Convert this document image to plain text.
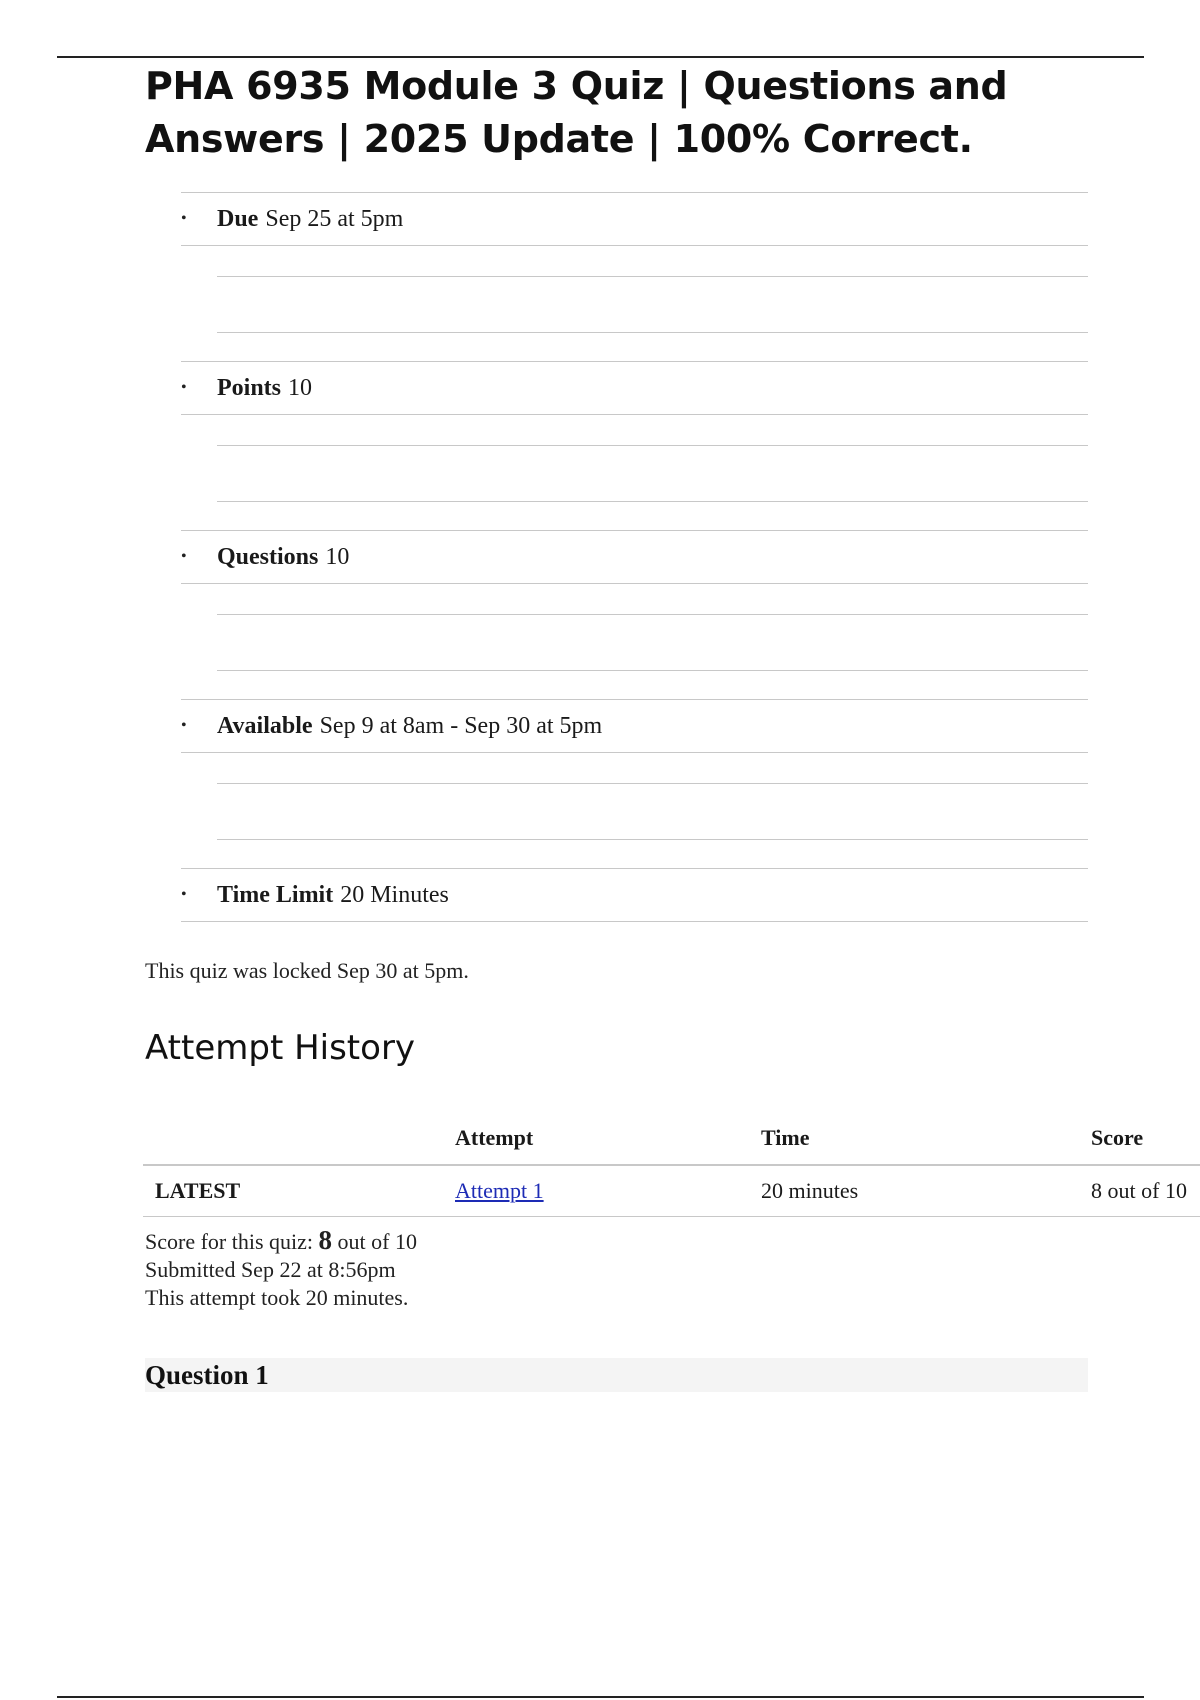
PHA 6935 Module 3 Quiz | Questions and Answers | 2025 Update | 100% Correct.
•	Due Sep 25 at 5pm
•	Points 10
•	Questions 10
•	Available Sep 9 at 8am - Sep 30 at 5pm
•	Time Limit 20 Minutes

This quiz was locked Sep 30 at 5pm.

Attempt History
	Attempt	Time	Score
LATEST	Attempt 1	20 minutes	8 out of 10
Score for this quiz: 8 out of 10
Submitted Sep 22 at 8:56pm
This attempt took 20 minutes.
Question 1
